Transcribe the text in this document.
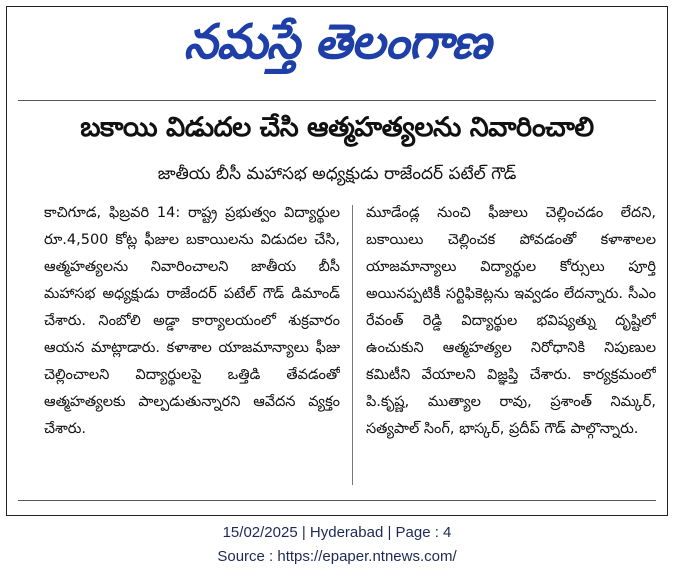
నమస్తే తెలంగాణ
బకాయి విడుదల చేసి ఆత్మహత్యలను నివారించాలి
జాతీయ బీసీ మహాసభ అధ్యక్షుడు రాజేందర్ పటేల్ గౌడ్

కాచిగూడ, ఫిబ్రవరి 14: రాష్ట్ర ప్రభుత్వం విద్యార్థుల రూ.4,500 కోట్ల ఫీజుల బకాయిలను విడుదల చేసి, ఆత్మహత్యలను నివారించాలని జాతీయ బీసీ మహాసభ అధ్యక్షుడు రాజేందర్ పటేల్ గౌడ్ డిమాండ్ చేశారు. నింబోలి అడ్డా కార్యాలయంలో శుక్రవారం ఆయన మాట్లాడారు. కళాశాల యాజమాన్యాలు ఫీజు చెల్లించాలని విద్యార్థులపై ఒత్తిడి తేవడంతో ఆత్మహత్యలకు పాల్పడుతున్నారని ఆవేదన వ్యక్తం చేశారు.

మూడేండ్ల నుంచి ఫీజులు చెల్లించడం లేదని, బకాయిలు చెల్లించక పోవడంతో కళాశాలల యాజమాన్యాలు విద్యార్థుల కోర్సులు పూర్తి అయినప్పటికీ సర్టిఫికెట్లను ఇవ్వడం లేదన్నారు. సీఎం రేవంత్ రెడ్డి విద్యార్థుల భవిష్యత్ను దృష్టిలో ఉంచుకుని ఆత్మహత్యల నిరోధానికి నిపుణుల కమిటీని వేయాలని విజ్ఞప్తి చేశారు. కార్యక్రమంలో పి.కృష్ణ, ముత్యాల రావు, ప్రశాంత్ నిమ్కర్, సత్యపాల్ సింగ్, భాస్కర్, ప్రదీప్ గౌడ్ పాల్గొన్నారు.

15/02/2025 | Hyderabad | Page : 4
Source : https://epaper.ntnews.com/
